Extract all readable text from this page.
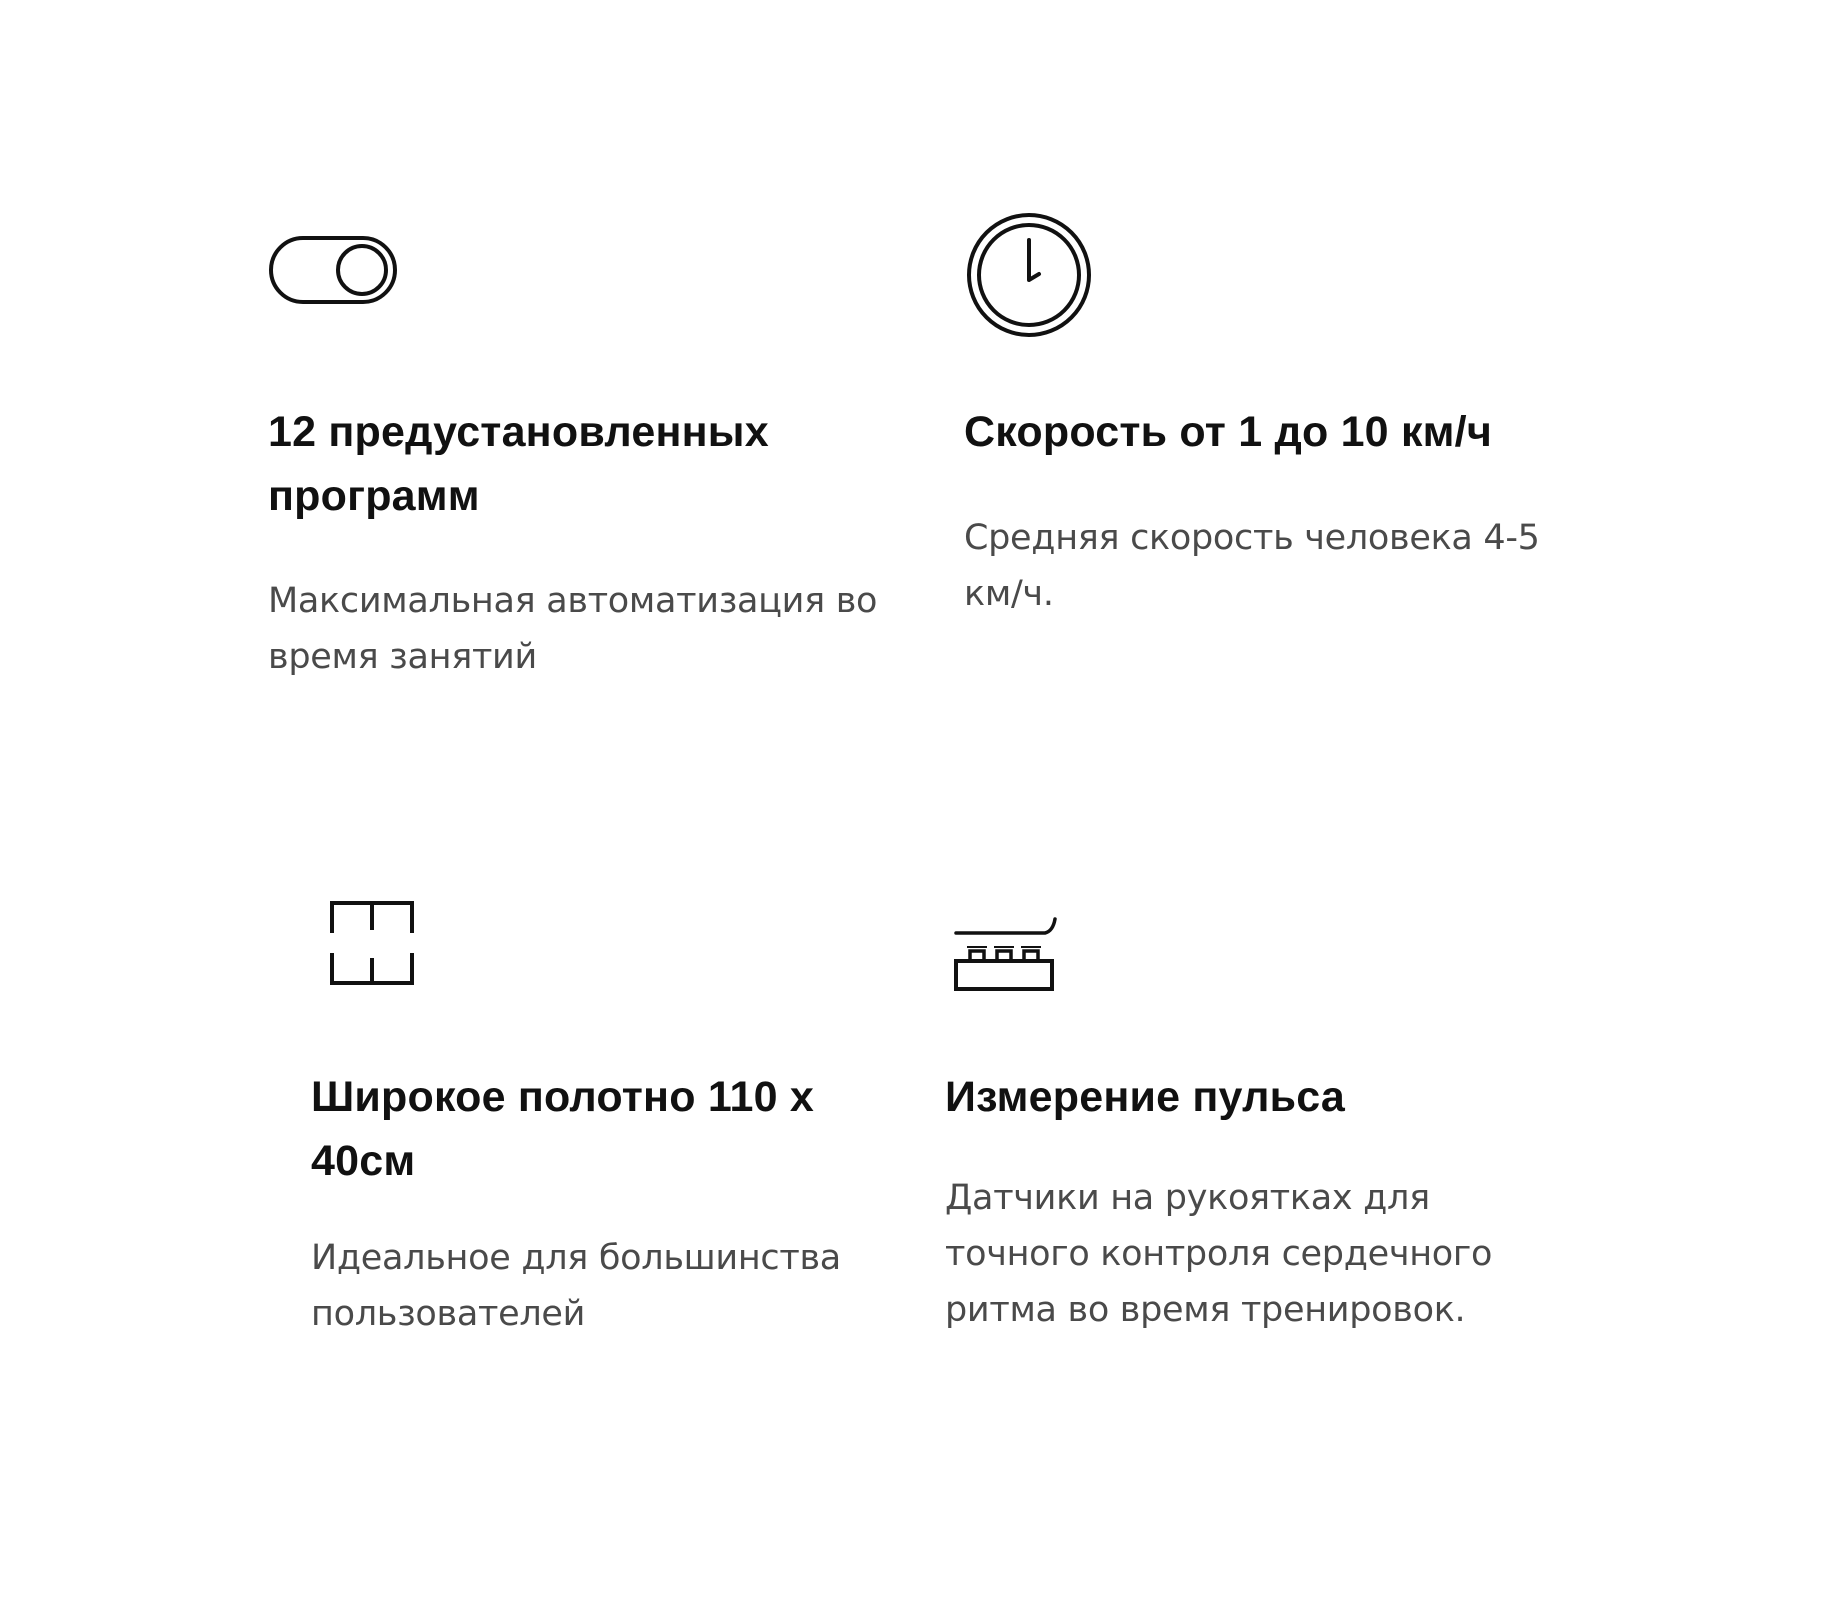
12 предустановленных программ

Максимальная автоматизация во время занятий

Скорость от 1 до 10 км/ч

Средняя скорость человека 4-5 км/ч.

Широкое полотно 110 х 40см

Идеальное для большинства пользователей

Измерение пульса

Датчики на рукоятках для точного контроля сердечного ритма во время тренировок.
